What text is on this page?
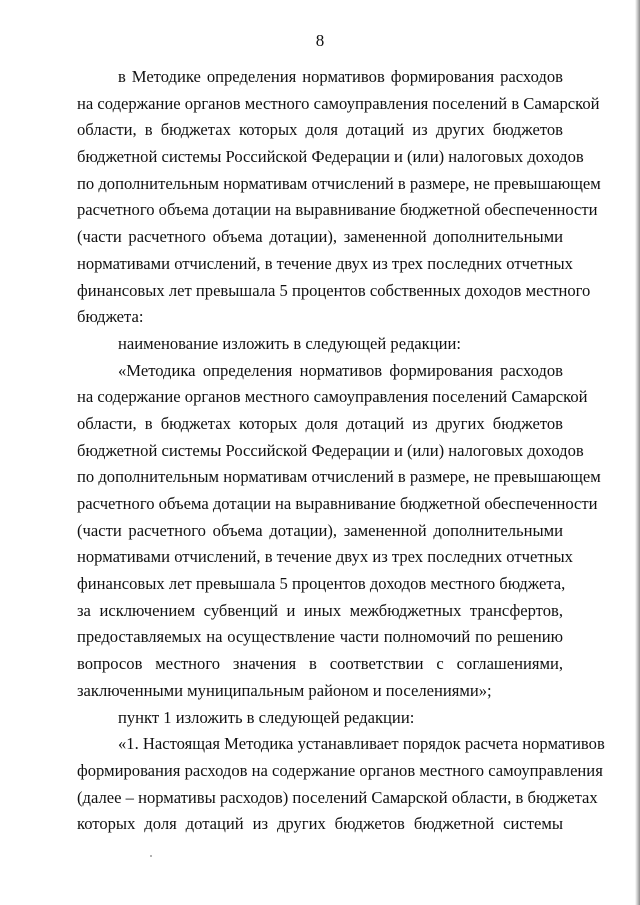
8
в Методике определения нормативов формирования расходов
на содержание органов местного самоуправления поселений в Самарской
области, в бюджетах которых доля дотаций из других бюджетов
бюджетной системы Российской Федерации и (или) налоговых доходов
по дополнительным нормативам отчислений в размере, не превышающем
расчетного объема дотации на выравнивание бюджетной обеспеченности
(части расчетного объема дотации), замененной дополнительными
нормативами отчислений, в течение двух из трех последних отчетных
финансовых лет превышала 5 процентов собственных доходов местного
бюджета:
наименование изложить в следующей редакции:
«Методика определения нормативов формирования расходов
на содержание органов местного самоуправления поселений Самарской
области, в бюджетах которых доля дотаций из других бюджетов
бюджетной системы Российской Федерации и (или) налоговых доходов
по дополнительным нормативам отчислений в размере, не превышающем
расчетного объема дотации на выравнивание бюджетной обеспеченности
(части расчетного объема дотации), замененной дополнительными
нормативами отчислений, в течение двух из трех последних отчетных
финансовых лет превышала 5 процентов доходов местного бюджета,
за исключением субвенций и иных межбюджетных трансфертов,
предоставляемых на осуществление части полномочий по решению
вопросов местного значения в соответствии с соглашениями,
заключенными муниципальным районом и поселениями»;
пункт 1 изложить в следующей редакции:
«1. Настоящая Методика устанавливает порядок расчета нормативов
формирования расходов на содержание органов местного самоуправления
(далее – нормативы расходов) поселений Самарской области, в бюджетах
которых доля дотаций из других бюджетов бюджетной системы
